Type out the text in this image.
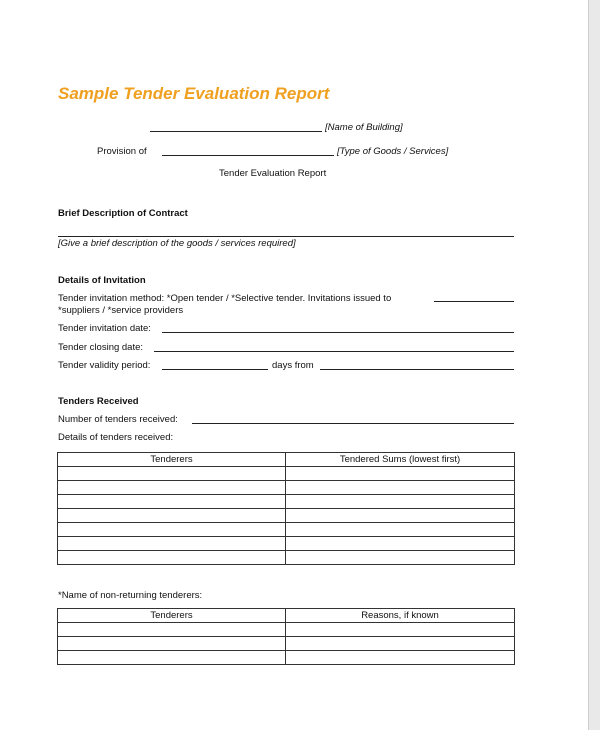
Sample Tender Evaluation Report
[Name of Building]
Provision of	[Type of Goods / Services]
Tender Evaluation Report
Brief Description of Contract
[Give a brief description of the goods / services required]
Details of Invitation
Tender invitation method: *Open tender / *Selective tender. Invitations issued to
*suppliers / *service providers
Tender invitation date:
Tender closing date:
Tender validity period:	days from
Tenders Received
Number of tenders received:
Details of tenders received:
Tenderers	Tendered Sums (lowest first)

*Name of non-returning tenderers:
Tenderers	Reasons, if known
